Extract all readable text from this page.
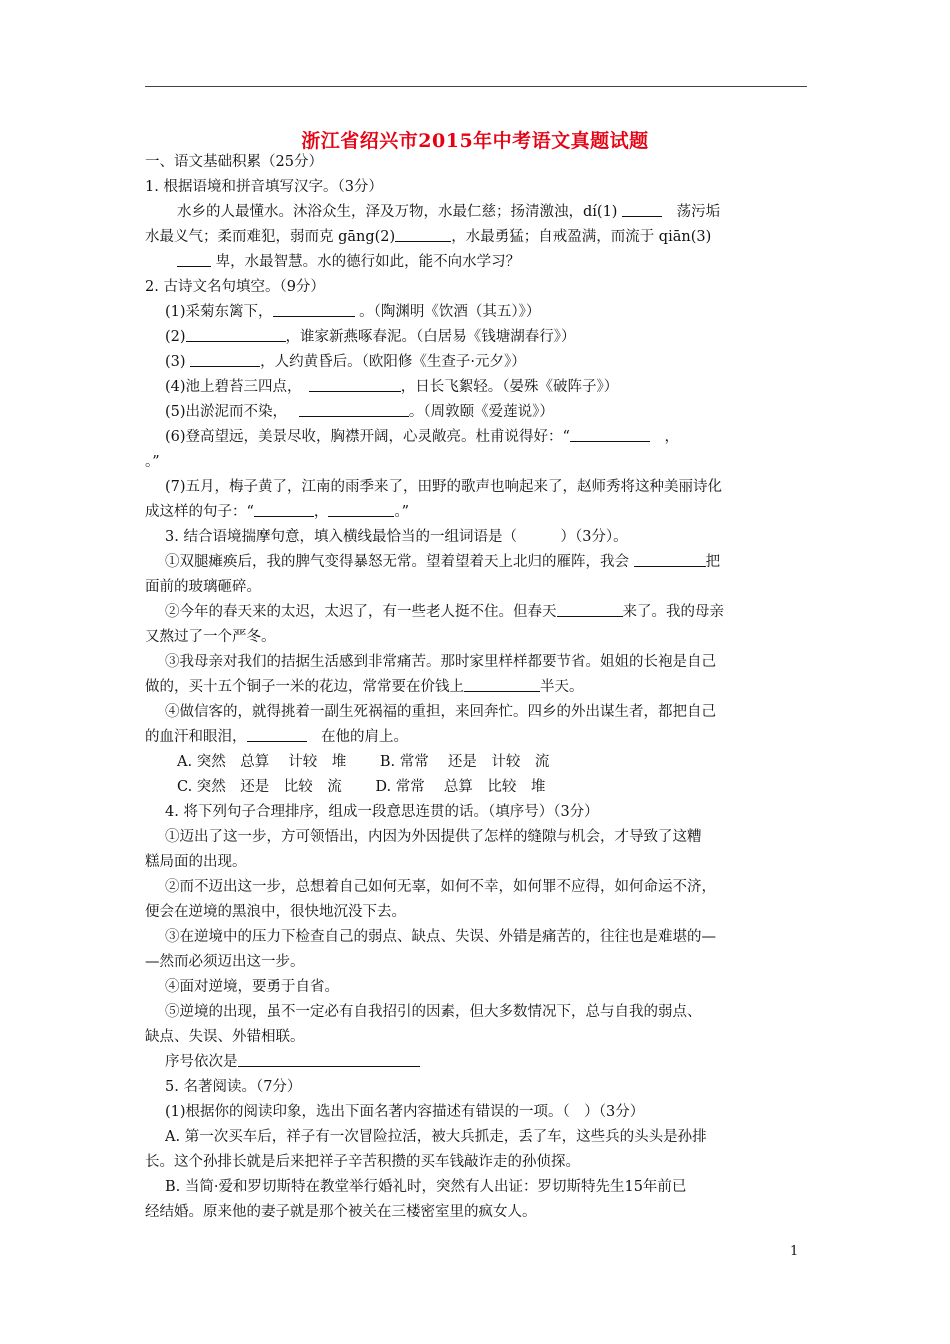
浙江省绍兴市2015年中考语文真题试题

一、语文基础积累（25分）

1. 根据语境和拼音填写汉字。（3分）

水乡的人最懂水。沐浴众生，泽及万物，水最仁慈；扬清激浊，dí(1) 　	荡污垢

水最义气；柔而难犯，弱而克 gāng(2)	，水最勇猛；自戒盈满，而流于 qiān(3)

卑，水最智慧。水的德行如此，能不向水学习？

2. 古诗文名句填空。（9分）

(1)采菊东篱下，	。（陶渊明《饮酒（其五）》）

(2)	，谁家新燕啄春泥。（白居易《钱塘湖春行》）

(3)	，人约黄昏后。（欧阳修《生查子·元夕》）

(4)池上碧苔三四点，　	，日长飞絮轻。（晏殊《破阵子》）

(5)出淤泥而不染，　	。（周敦颐《爱莲说》）

(6)登高望远，美景尽收，胸襟开阔，心灵敞亮。杜甫说得好：“　	，

。”

(7)五月，梅子黄了，江南的雨季来了，田野的歌声也响起来了，赵师秀将这种美丽诗化

成这样的句子：“	，	。”

3. 结合语境揣摩句意，填入横线最恰当的一组词语是（　　　）（3分）。

①双腿瘫痪后，我的脾气变得暴怒无常。望着望着天上北归的雁阵，我会	把

面前的玻璃砸碎。

②今年的春天来的太迟，太迟了，有一些老人挺不住。但春天	来了。我的母亲

又熬过了一个严冬。

③我母亲对我们的拮据生活感到非常痛苦。那时家里样样都要节省。姐姐的长袍是自己

做的，买十五个铜子一米的花边，常常要在价钱上	半天。

④做信客的，就得挑着一副生死祸福的重担，来回奔忙。四乡的外出谋生者，都把自己

的血汗和眼泪，　	在他的肩上。

A. 突然　总算　 计较　堆　　 B. 常常　 还是　计较　流

C. 突然　还是　比较　流　　 D. 常常　 总算　比较　堆

4. 将下列句子合理排序，组成一段意思连贯的话。（填序号）（3分）

①迈出了这一步，方可领悟出，内因为外因提供了怎样的缝隙与机会，才导致了这糟

糕局面的出现。

②而不迈出这一步，总想着自己如何无辜，如何不幸，如何罪不应得，如何命运不济，

便会在逆境的黑浪中，很快地沉没下去。

③在逆境中的压力下检查自己的弱点、缺点、失误、外错是痛苦的，往往也是难堪的—

—然而必须迈出这一步。

④面对逆境，要勇于自省。

⑤逆境的出现，虽不一定必有自我招引的因素，但大多数情况下，总与自我的弱点、

缺点、失误、外错相联。

序号依次是

5. 名著阅读。（7分）

(1)根据你的阅读印象，选出下面名著内容描述有错误的一项。（　）（3分）

A. 第一次买车后，祥子有一次冒险拉活，被大兵抓走，丢了车，这些兵的头头是孙排

长。这个孙排长就是后来把祥子辛苦积攒的买车钱敲诈走的孙侦探。

B. 当简·爱和罗切斯特在教堂举行婚礼时，突然有人出证：罗切斯特先生15年前已

经结婚。原来他的妻子就是那个被关在三楼密室里的疯女人。

1
